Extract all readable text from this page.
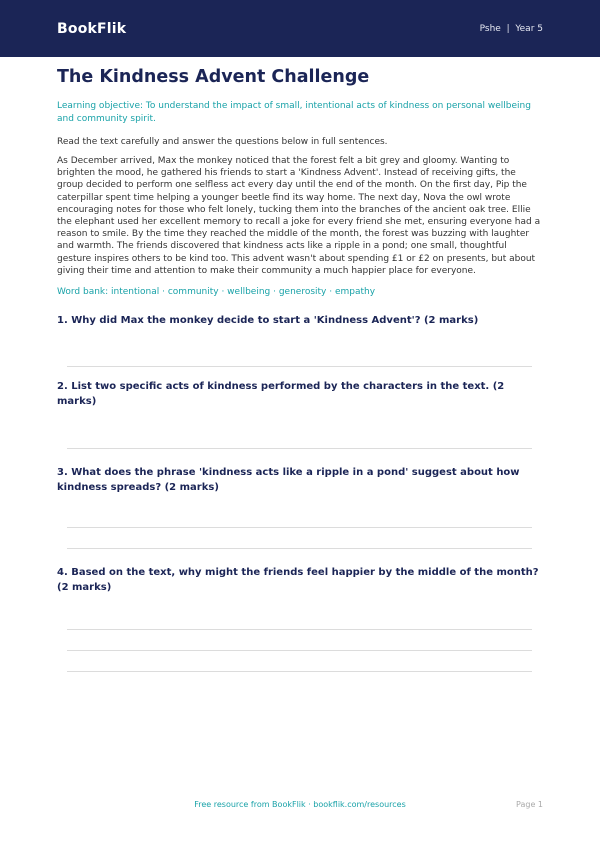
BookFlik	Pshe | Year 5
The Kindness Advent Challenge
Learning objective: To understand the impact of small, intentional acts of kindness on personal wellbeing and community spirit.
Read the text carefully and answer the questions below in full sentences.
As December arrived, Max the monkey noticed that the forest felt a bit grey and gloomy. Wanting to brighten the mood, he gathered his friends to start a 'Kindness Advent'. Instead of receiving gifts, the group decided to perform one selfless act every day until the end of the month. On the first day, Pip the caterpillar spent time helping a younger beetle find its way home. The next day, Nova the owl wrote encouraging notes for those who felt lonely, tucking them into the branches of the ancient oak tree. Ellie the elephant used her excellent memory to recall a joke for every friend she met, ensuring everyone had a reason to smile. By the time they reached the middle of the month, the forest was buzzing with laughter and warmth. The friends discovered that kindness acts like a ripple in a pond; one small, thoughtful gesture inspires others to be kind too. This advent wasn't about spending £1 or £2 on presents, but about giving their time and attention to make their community a much happier place for everyone.
Word bank: intentional · community · wellbeing · generosity · empathy
1. Why did Max the monkey decide to start a 'Kindness Advent'? (2 marks)
2. List two specific acts of kindness performed by the characters in the text. (2 marks)
3. What does the phrase 'kindness acts like a ripple in a pond' suggest about how kindness spreads? (2 marks)
4. Based on the text, why might the friends feel happier by the middle of the month? (2 marks)
Free resource from BookFlik · bookflik.com/resources	Page 1
